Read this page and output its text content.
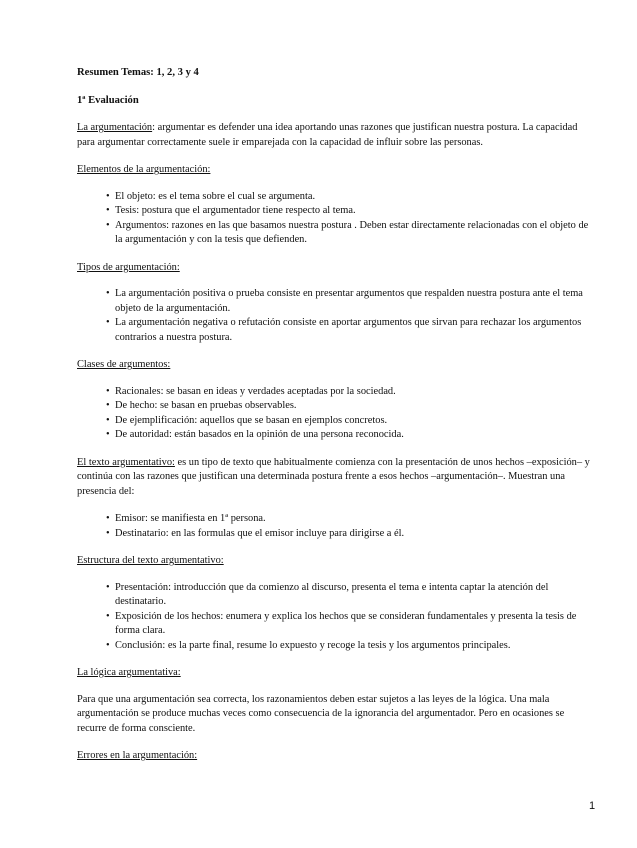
Resumen Temas: 1, 2, 3 y 4
1ª Evaluación

La argumentación: argumentar es defender una idea aportando unas razones que justifican nuestra postura. La capacidad para argumentar correctamente suele ir emparejada con la capacidad de influir sobre las personas.

Elementos de la argumentación:
• El objeto: es el tema sobre el cual se argumenta.
• Tesis: postura que el argumentador tiene respecto al tema.
• Argumentos: razones en las que basamos nuestra postura . Deben estar directamente relacionadas con el objeto de la argumentación y con la tesis que defienden.
Tipos de argumentación:
• La argumentación positiva o prueba consiste en presentar argumentos que respalden nuestra postura ante el tema objeto de la argumentación.
• La argumentación negativa o refutación consiste en aportar argumentos que sirvan para rechazar los argumentos contrarios a nuestra postura.
Clases de argumentos:
• Racionales: se basan en ideas y verdades aceptadas por la sociedad.
• De hecho: se basan en pruebas observables.
• De ejemplificación: aquellos que se basan en ejemplos concretos.
• De autoridad: están basados en la opinión de una persona reconocida.

El texto argumentativo: es un tipo de texto que habitualmente comienza con la presentación de unos hechos –exposición– y continúa con las razones que justifican una determinada postura frente a esos hechos –argumentación–. Muestran una presencia del:

• Emisor: se manifiesta en 1ª persona.
• Destinatario: en las formulas que el emisor incluye para dirigirse a él.
Estructura del texto argumentativo:
• Presentación: introducción que da comienzo al discurso, presenta el tema e intenta captar la atención del destinatario.
• Exposición de los hechos: enumera y explica los hechos que se consideran fundamentales y presenta la tesis de forma clara.
• Conclusión: es la parte final, resume lo expuesto y recoge la tesis y los argumentos principales.
La lógica argumentativa:

Para que una argumentación sea correcta, los razonamientos deben estar sujetos a las leyes de la lógica. Una mala argumentación se produce muchas veces como consecuencia de la ignorancia del argumentador. Pero en ocasiones se recurre de forma consciente.

Errores en la argumentación:
1
